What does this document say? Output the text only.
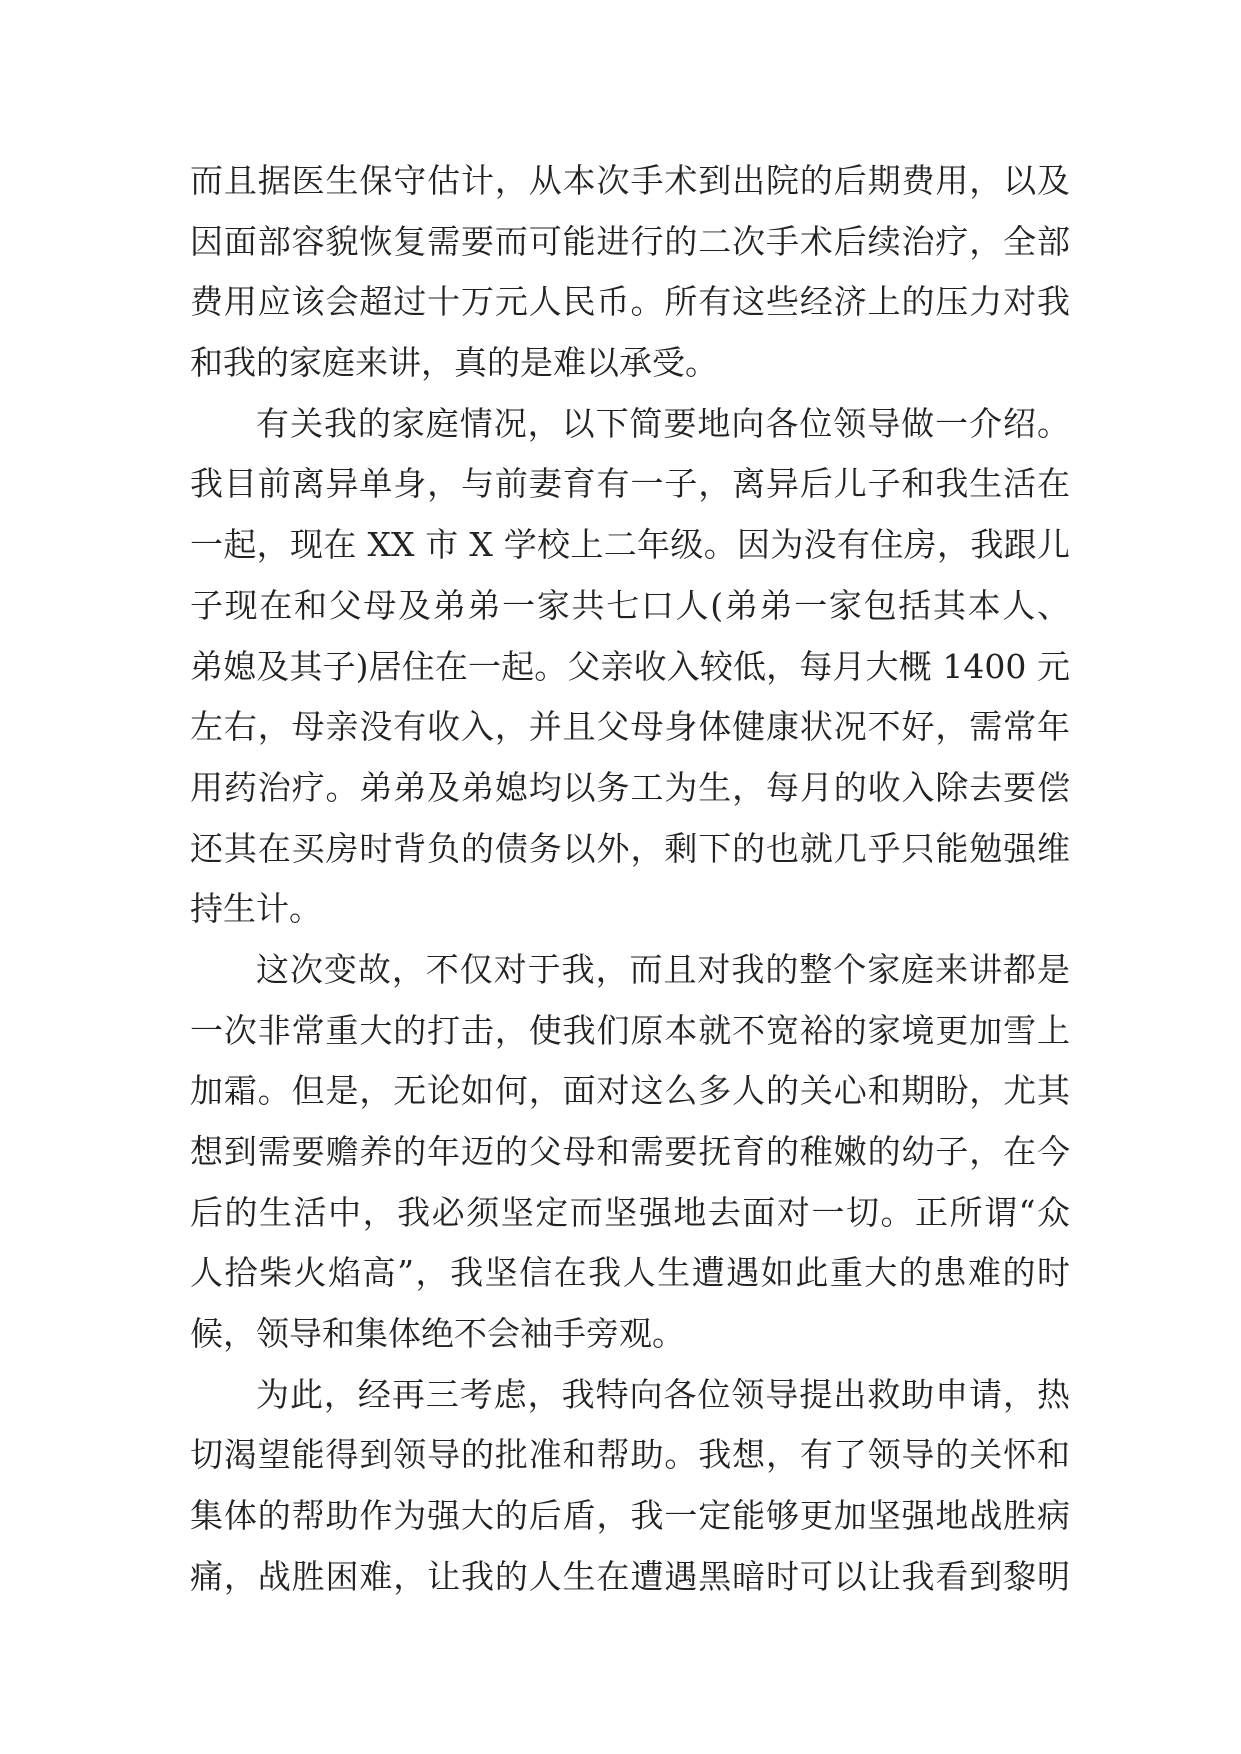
而且据医生保守估计，从本次手术到出院的后期费用，以及
因面部容貌恢复需要而可能进行的二次手术后续治疗，全部
费用应该会超过十万元人民币。所有这些经济上的压力对我
和我的家庭来讲，真的是难以承受。
有关我的家庭情况，以下简要地向各位领导做一介绍。
我目前离异单身，与前妻育有一子，离异后儿子和我生活在
一起，现在 XX 市 X 学校上二年级。因为没有住房，我跟儿
子现在和父母及弟弟一家共七口人(弟弟一家包括其本人、
弟媳及其子)居住在一起。父亲收入较低，每月大概 1400 元
左右，母亲没有收入，并且父母身体健康状况不好，需常年
用药治疗。弟弟及弟媳均以务工为生，每月的收入除去要偿
还其在买房时背负的债务以外，剩下的也就几乎只能勉强维
持生计。
这次变故，不仅对于我，而且对我的整个家庭来讲都是
一次非常重大的打击，使我们原本就不宽裕的家境更加雪上
加霜。但是，无论如何，面对这么多人的关心和期盼，尤其
想到需要赡养的年迈的父母和需要抚育的稚嫩的幼子，在今
后的生活中，我必须坚定而坚强地去面对一切。正所谓“众
人拾柴火焰高”，我坚信在我人生遭遇如此重大的患难的时
候，领导和集体绝不会袖手旁观。
为此，经再三考虑，我特向各位领导提出救助申请，热
切渴望能得到领导的批准和帮助。我想，有了领导的关怀和
集体的帮助作为强大的后盾，我一定能够更加坚强地战胜病
痛，战胜困难，让我的人生在遭遇黑暗时可以让我看到黎明
